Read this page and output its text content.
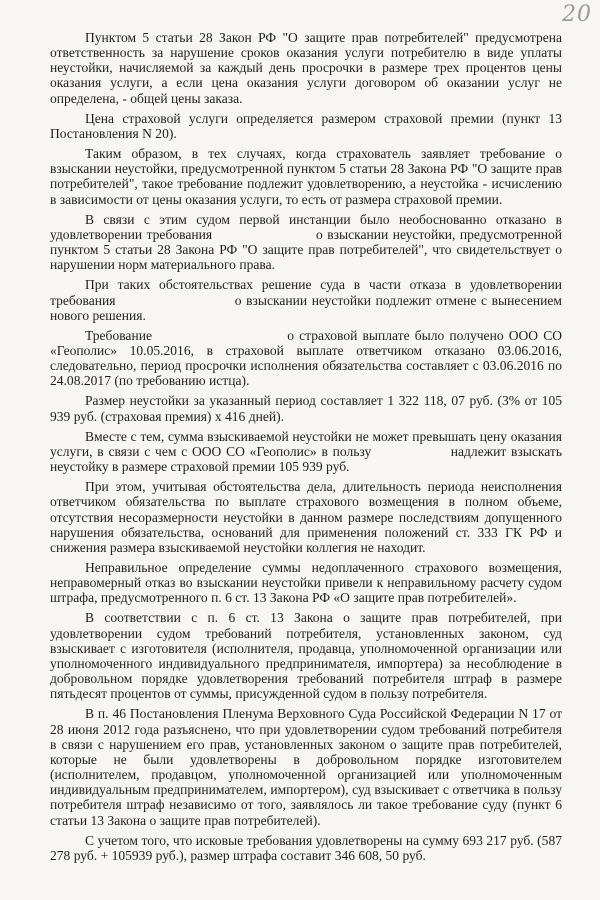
20

Пунктом 5 статьи 28 Закон РФ "О защите прав потребителей" предусмотрена ответственность за нарушение сроков оказания услуги потребителю в виде уплаты неустойки, начисляемой за каждый день просрочки в размере трех процентов цены оказания услуги, а если цена оказания услуги договором об оказании услуг не определена, - общей цены заказа.

Цена страховой услуги определяется размером страховой премии (пункт 13 Постановления N 20).

Таким образом, в тех случаях, когда страхователь заявляет требование о взыскании неустойки, предусмотренной пунктом 5 статьи 28 Закона РФ "О защите прав потребителей", такое требование подлежит удовлетворению, а неустойка - исчислению в зависимости от цены оказания услуги, то есть от размера страховой премии.

В связи с этим судом первой инстанции было необоснованно отказано в удовлетворении требования	о взыскании неустойки, предусмотренной пунктом 5 статьи 28 Закона РФ "О защите прав потребителей", что свидетельствует о нарушении норм материального права.

При таких обстоятельствах решение суда в части отказа в удовлетворении требования	о взыскании неустойки подлежит отмене с вынесением нового решения.

Требование	о страховой выплате было получено ООО СО «Геополис» 10.05.2016, в страховой выплате ответчиком отказано 03.06.2016, следовательно, период просрочки исполнения обязательства составляет с 03.06.2016 по 24.08.2017 (по требованию истца).

Размер неустойки за указанный период составляет 1 322 118, 07 руб. (3% от 105 939 руб. (страховая премия) х 416 дней).

Вместе с тем, сумма взыскиваемой неустойки не может превышать цену оказания услуги, в связи с чем с ООО СО «Геополис» в пользу	надлежит взыскать неустойку в размере страховой премии 105 939 руб.

При этом, учитывая обстоятельства дела, длительность периода неисполнения ответчиком обязательства по выплате страхового возмещения в полном объеме, отсутствия несоразмерности неустойки в данном размере последствиям допущенного нарушения обязательства, оснований для применения положений ст. 333 ГК РФ и снижения размера взыскиваемой неустойки коллегия не находит.

Неправильное определение суммы недоплаченного страхового возмещения, неправомерный отказ во взыскании неустойки привели к неправильному расчету судом штрафа, предусмотренного п. 6 ст. 13 Закона РФ «О защите прав потребителей».

В соответствии с п. 6 ст. 13 Закона о защите прав потребителей, при удовлетворении судом требований потребителя, установленных законом, суд взыскивает с изготовителя (исполнителя, продавца, уполномоченной организации или уполномоченного индивидуального предпринимателя, импортера) за несоблюдение в добровольном порядке удовлетворения требований потребителя штраф в размере пятьдесят процентов от суммы, присужденной судом в пользу потребителя.

В п. 46 Постановления Пленума Верховного Суда Российской Федерации N 17 от 28 июня 2012 года разъяснено, что при удовлетворении судом требований потребителя в связи с нарушением его прав, установленных законом о защите прав потребителей, которые не были удовлетворены в добровольном порядке изготовителем (исполнителем, продавцом, уполномоченной организацией или уполномоченным индивидуальным предпринимателем, импортером), суд взыскивает с ответчика в пользу потребителя штраф независимо от того, заявлялось ли такое требование суду (пункт 6 статьи 13 Закона о защите прав потребителей).

С учетом того, что исковые требования удовлетворены на сумму 693 217 руб. (587 278 руб. + 105939 руб.), размер штрафа составит 346 608, 50 руб.
